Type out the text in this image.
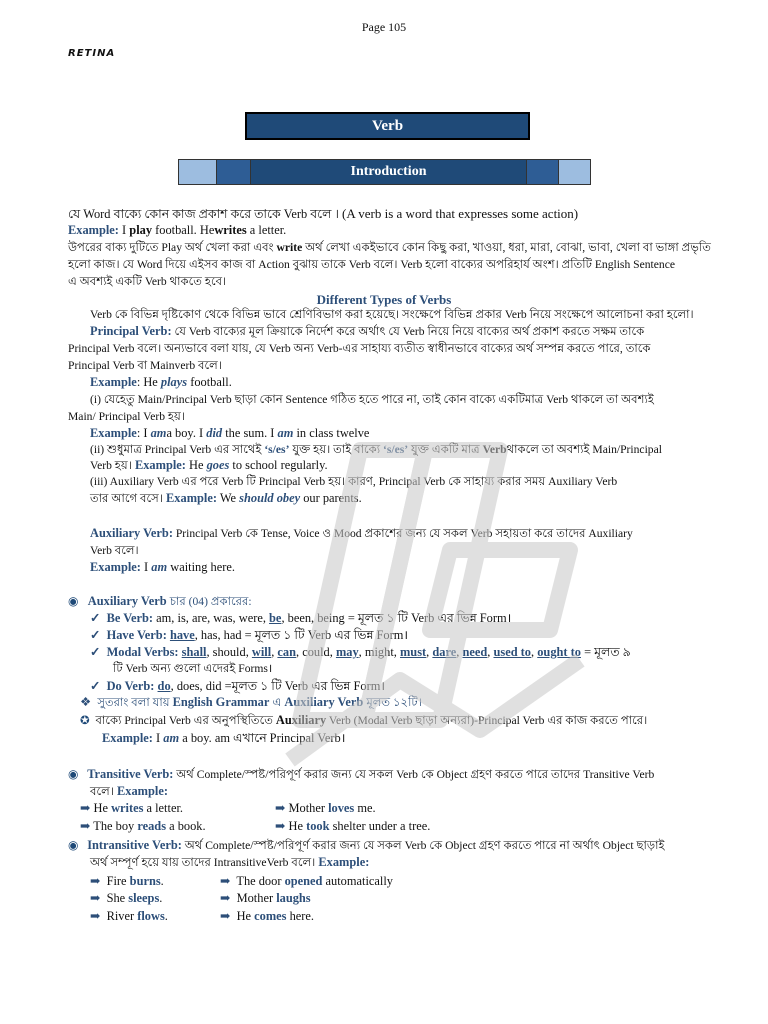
Page 105
RETINA
Verb
Introduction
যে Word বাক্যে কোন কাজ প্রকাশ করে তাকে Verb বলে । (A verb is a word that expresses some action)
Example: I play football. Hewrites a letter.
উপরের বাক্য দুটিতে Play অর্থ খেলা করা এবং write অর্থ লেখা একইভাবে কোন কিছু করা, খাওয়া, ধরা, মারা, বোঝা, ভাবা, খেলা বা ভাঙ্গা প্রভৃতি
হলো কাজ। যে Word দিয়ে এইসব কাজ বা Action বুঝায় তাকে Verb বলে। Verb হলো বাক্যের অপরিহার্য অংশ। প্রতিটি English Sentence
এ অবশ্যই একটি Verb থাকতে হবে।
Different Types of Verbs
Verb কে বিভিন্ন দৃষ্টিকোণ থেকে বিভিন্ন ভাবে শ্রেণিবিভাগ করা হয়েছে। সংক্ষেপে বিভিন্ন প্রকার Verb নিয়ে সংক্ষেপে আলোচনা করা হলো।
Principal Verb: যে Verb বাক্যের মূল ক্রিয়াকে নির্দেশ করে অর্থাৎ যে Verb নিয়ে নিয়ে বাক্যের অর্থ প্রকাশ করতে সক্ষম তাকে
Principal Verb বলে। অন্যভাবে বলা যায়, যে Verb অন্য Verb-এর সাহায্য ব্যতীত স্বাধীনভাবে বাক্যের অর্থ সম্পন্ন করতে পারে, তাকে
Principal Verb বা Mainverb বলে।
Example: He plays football.
(i) যেহেতু Main/Principal Verb ছাড়া কোন Sentence গঠিত হতে পারে না, তাই কোন বাক্যে একটিমাত্র Verb থাকলে তা অবশ্যই
Main/ Principal Verb হয়।
Example: I ama boy. I did the sum. I am in class twelve
(ii) শুধুমাত্র Principal Verb এর সাথেই ‘s/es’ যুক্ত হয়। তাই বাক্যে ‘s/es’ যুক্ত একটি মাত্র Verbথাকলে তা অবশ্যই Main/Principal
Verb হয়। Example: He goes to school regularly.
(iii) Auxiliary Verb এর পরে Verb টি Principal Verb হয়। কারণ, Principal Verb কে সাহায্য করার সময় Auxiliary Verb
তার আগে বসে। Example: We should obey our parents.
Auxiliary Verb: Principal Verb কে Tense, Voice ও Mood প্রকাশের জন্য যে সকল Verb সহায়তা করে তাদের Auxiliary
Verb বলে।
Example: I am waiting here.
◉ Auxiliary Verb চার (04) প্রকারের:
✓ Be Verb: am, is, are, was, were, be, been, being = মূলত ১ টি Verb এর ভিন্ন Form।
✓ Have Verb: have, has, had = মূলত ১ টি Verb এর ভিন্ন Form।
✓ Modal Verbs: shall, should, will, can, could, may, might, must, dare, need, used to, ought to = মূলত ৯
টি Verb অন্য গুলো এদেরই Forms।
✓ Do Verb: do, does, did =মূলত ১ টি Verb এর ভিন্ন Form।
❖ সুতরাং বলা যায় English Grammar এ Auxiliary Verb মূলত ১২টি।
✪ বাক্যে Principal Verb এর অনুপস্থিতিতে Auxiliary Verb (Modal Verb ছাড়া অন্যরা)-Principal Verb এর কাজ করতে পারে।
Example: I am a boy. am এখানে Principal Verb।
◉ Transitive Verb: অর্থ Complete/স্পষ্ট/পরিপূর্ণ করার জন্য যে সকল Verb কে Object গ্রহণ করতে পারে তাদের Transitive Verb
বলে। Example:
➡ He writes a letter.	➡ Mother loves me.
➡ The boy reads a book.	➡ He took shelter under a tree.
◉ Intransitive Verb: অর্থ Complete/স্পষ্ট/পরিপূর্ণ করার জন্য যে সকল Verb কে Object গ্রহণ করতে পারে না অর্থাৎ Object ছাড়াই
অর্থ সম্পূর্ণ হয়ে যায় তাদের IntransitiveVerb বলে। Example:
➡ Fire burns.	➡ The door opened automatically
➡ She sleeps.	➡ Mother laughs
➡ River flows.	➡ He comes here.
